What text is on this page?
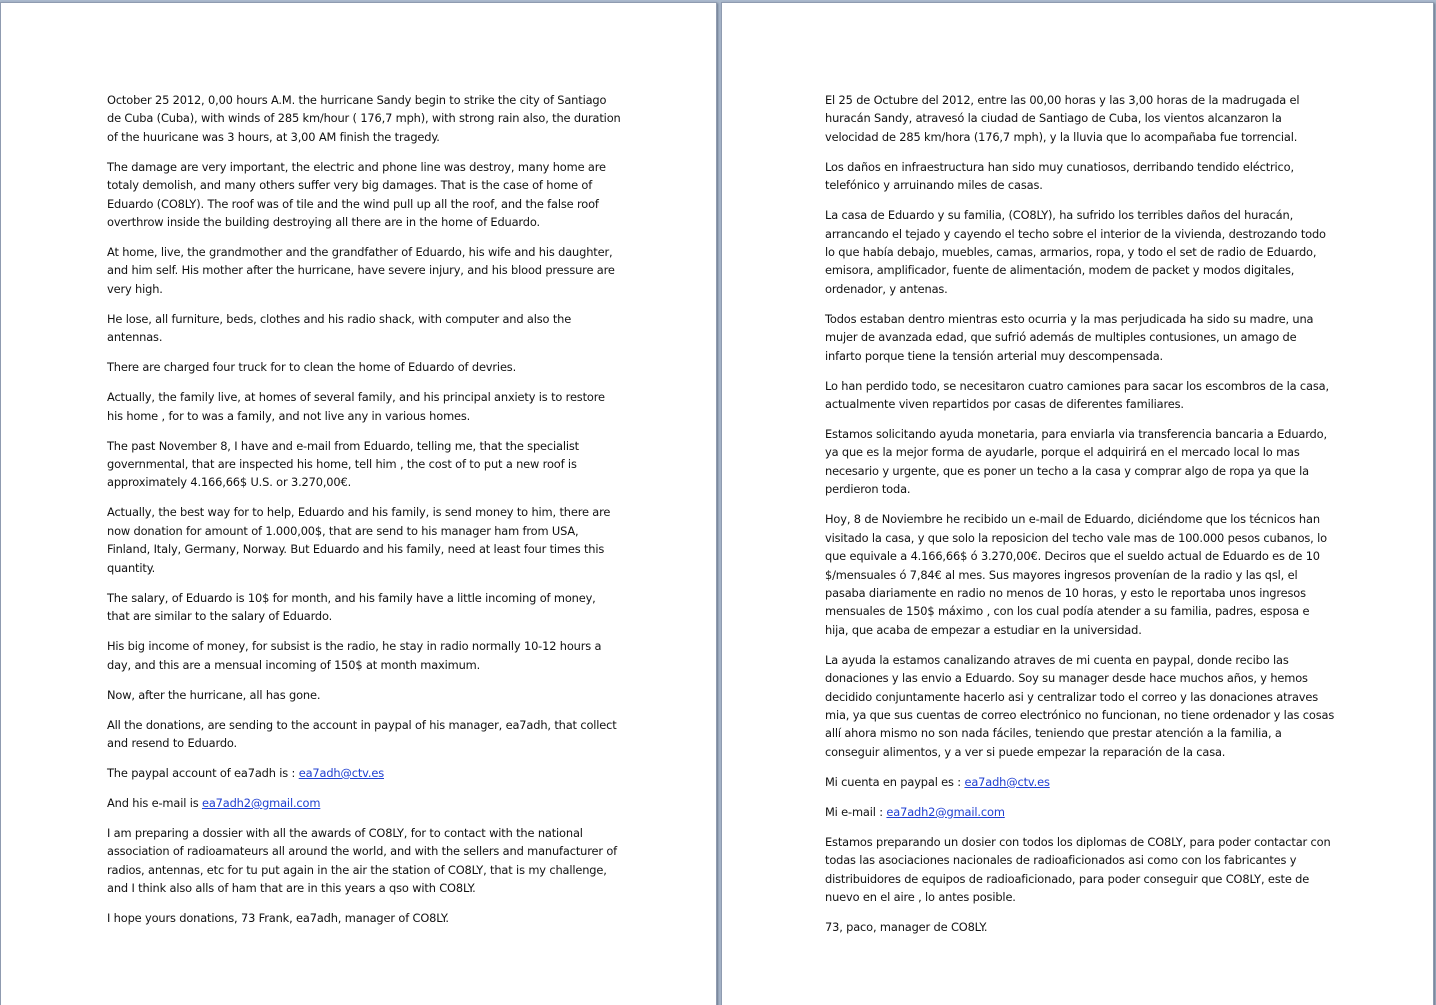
October 25 2012, 0,00 hours A.M. the hurricane Sandy begin to strike the city of Santiago de Cuba (Cuba), with winds of 285 km/hour ( 176,7 mph), with strong rain also, the duration of the huuricane was 3 hours, at 3,00 AM finish the tragedy.

The damage are very important, the electric and phone line was destroy, many home are totaly demolish, and many others suffer very big damages. That is the case of home of Eduardo (CO8LY). The roof was of tile and the wind pull up all the roof, and the false roof overthrow inside the building destroying all there are in the home of Eduardo.

At home, live, the grandmother and the grandfather of Eduardo, his wife and his daughter, and him self. His mother after the hurricane, have severe injury, and his blood pressure are very high.

He lose, all furniture, beds, clothes and his radio shack, with computer and also the antennas.

There are charged four truck for to clean the home of Eduardo of devries.

Actually, the family live, at homes of several family, and his principal anxiety is to restore his home , for to was a family, and not live any in various homes.

The past November 8, I have and e-mail from Eduardo, telling me, that the specialist governmental, that are inspected his home, tell him , the cost of to put a new roof is approximately 4.166,66$ U.S. or 3.270,00€.

Actually, the best way for to help, Eduardo and his family, is send money to him, there are now donation for amount of 1.000,00$, that are send to his manager ham from USA, Finland, Italy, Germany, Norway. But Eduardo and his family, need at least four times this quantity.

The salary, of Eduardo is 10$ for month, and his family have a little incoming of money, that are similar to the salary of Eduardo.

His big income of money, for subsist is the radio, he stay in radio normally 10-12 hours a day, and this are a mensual incoming of 150$ at month maximum.

Now, after the hurricane, all has gone.

All the donations, are sending to the account in paypal of his manager, ea7adh, that collect and resend to Eduardo.

The paypal account of ea7adh is : ea7adh@ctv.es

And his e-mail is ea7adh2@gmail.com

I am preparing a dossier with all the awards of CO8LY, for to contact with the national association of radioamateurs all around the world, and with the sellers and manufacturer of radios, antennas, etc for tu put again in the air the station of CO8LY, that is my challenge, and I think also alls of ham that are in this years a qso with CO8LY.

I hope yours donations, 73 Frank, ea7adh, manager of CO8LY.

El 25 de Octubre del 2012, entre las 00,00 horas y las 3,00 horas de la madrugada el huracán Sandy, atravesó la ciudad de Santiago de Cuba, los vientos alcanzaron la velocidad de 285 km/hora (176,7 mph), y la lluvia que lo acompañaba fue torrencial.

Los daños en infraestructura han sido muy cunatiosos, derribando tendido eléctrico, telefónico y arruinando miles de casas.

La casa de Eduardo y su familia, (CO8LY), ha sufrido los terribles daños del huracán, arrancando el tejado y cayendo el techo sobre el interior de la vivienda, destrozando todo lo que había debajo, muebles, camas, armarios, ropa, y todo el set de radio de Eduardo, emisora, amplificador, fuente de alimentación, modem de packet y modos digitales, ordenador, y antenas.

Todos estaban dentro mientras esto ocurria y la mas perjudicada ha sido su madre, una mujer de avanzada edad, que sufrió además de multiples contusiones, un amago de infarto porque tiene la tensión arterial muy descompensada.

Lo han perdido todo, se necesitaron cuatro camiones para sacar los escombros de la casa, actualmente viven repartidos por casas de diferentes familiares.

Estamos solicitando ayuda monetaria, para enviarla via transferencia bancaria a Eduardo, ya que es la mejor forma de ayudarle, porque el adquirirá en el mercado local lo mas necesario y urgente, que es poner un techo a la casa y comprar algo de ropa ya que la perdieron toda.

Hoy, 8 de Noviembre he recibido un e-mail de Eduardo, diciéndome que los técnicos han visitado la casa, y que solo la reposicion del techo vale mas de 100.000 pesos cubanos, lo que equivale a 4.166,66$ ó 3.270,00€. Deciros que el sueldo actual de Eduardo es de 10 $/mensuales ó 7,84€ al mes. Sus mayores ingresos provenían de la radio y las qsl, el pasaba diariamente en radio no menos de 10 horas, y esto le reportaba unos ingresos mensuales de 150$ máximo , con los cual podía atender a su familia, padres, esposa e hija, que acaba de empezar a estudiar en la universidad.

La ayuda la estamos canalizando atraves de mi cuenta en paypal, donde recibo las donaciones y las envio a Eduardo. Soy su manager desde hace muchos años, y hemos decidido conjuntamente hacerlo asi y centralizar todo el correo y las donaciones atraves mia, ya que sus cuentas de correo electrónico no funcionan, no tiene ordenador y las cosas allí ahora mismo no son nada fáciles, teniendo que prestar atención a la familia, a conseguir alimentos, y a ver si puede empezar la reparación de la casa.

Mi cuenta en paypal es : ea7adh@ctv.es

Mi e-mail : ea7adh2@gmail.com

Estamos preparando un dosier con todos los diplomas de CO8LY, para poder contactar con todas las asociaciones nacionales de radioaficionados asi como con los fabricantes y distribuidores de equipos de radioaficionado, para poder conseguir que CO8LY, este de nuevo en el aire , lo antes posible.

73, paco, manager de CO8LY.
